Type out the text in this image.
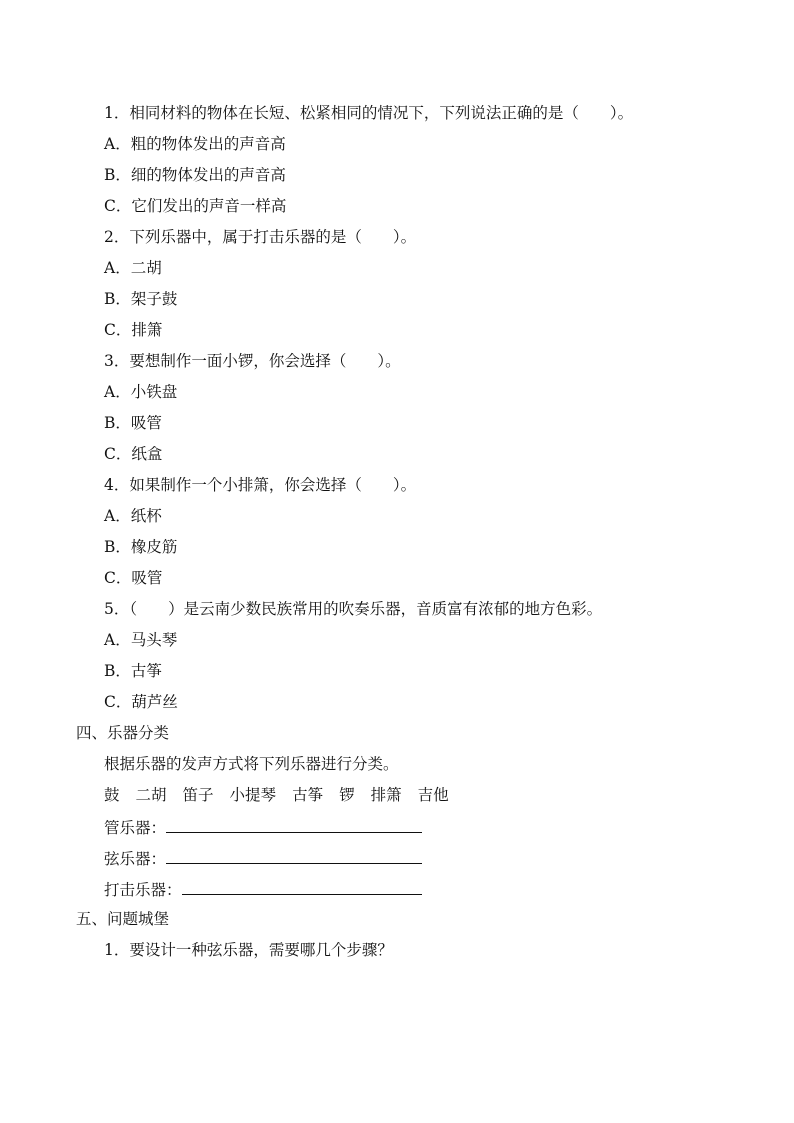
1．相同材料的物体在长短、松紧相同的情况下，下列说法正确的是（　　）。
A．粗的物体发出的声音高
B．细的物体发出的声音高
C．它们发出的声音一样高
2．下列乐器中，属于打击乐器的是（　　）。
A．二胡
B．架子鼓
C．排箫
3．要想制作一面小锣，你会选择（　　）。
A．小铁盘
B．吸管
C．纸盒
4．如果制作一个小排箫，你会选择（　　）。
A．纸杯
B．橡皮筋
C．吸管
5．（　　）是云南少数民族常用的吹奏乐器，音质富有浓郁的地方色彩。
A．马头琴
B．古筝
C．葫芦丝
四、乐器分类
根据乐器的发声方式将下列乐器进行分类。
鼓 二胡 笛子 小提琴 古筝 锣 排箫 吉他
管乐器：
弦乐器：
打击乐器：
五、问题城堡
1．要设计一种弦乐器，需要哪几个步骤？
